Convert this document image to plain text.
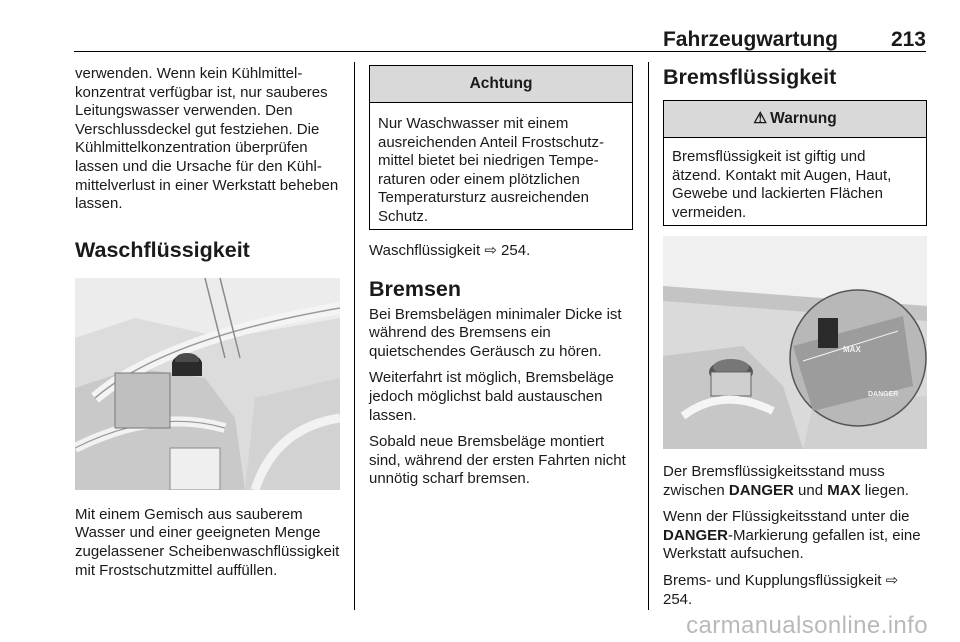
Fahrzeugwartung	213

verwenden. Wenn kein Kühlmittelkonzentrat verfügbar ist, nur sauberes Leitungswasser verwenden. Den Verschlussdeckel gut festziehen. Die Kühlmittelkonzentration überprüfen lassen und die Ursache für den Kühlmittelverlust in einer Werkstatt beheben lassen.

Waschflüssigkeit

Mit einem Gemisch aus sauberem Wasser und einer geeigneten Menge zugelassener Scheibenwaschflüssigkeit mit Frostschutzmittel auffüllen.

Achtung

Nur Waschwasser mit einem ausreichenden Anteil Frostschutzmittel bietet bei niedrigen Temperaturen oder einem plötzlichen Temperatursturz ausreichenden Schutz.

Waschflüssigkeit ⇨ 254.

Bremsen

Bei Bremsbelägen minimaler Dicke ist während des Bremsens ein quietschendes Geräusch zu hören.

Weiterfahrt ist möglich, Bremsbeläge jedoch möglichst bald austauschen lassen.

Sobald neue Bremsbeläge montiert sind, während der ersten Fahrten nicht unnötig scharf bremsen.

Bremsflüssigkeit
⚠ Warnung

Bremsflüssigkeit ist giftig und ätzend. Kontakt mit Augen, Haut, Gewebe und lackierten Flächen vermeiden.

MAX
DANGER

Der Bremsflüssigkeitsstand muss zwischen DANGER und MAX liegen.

Wenn der Flüssigkeitsstand unter die DANGER-Markierung gefallen ist, eine Werkstatt aufsuchen.

Brems- und Kupplungsflüssigkeit ⇨ 254.

carmanualsonline.info
